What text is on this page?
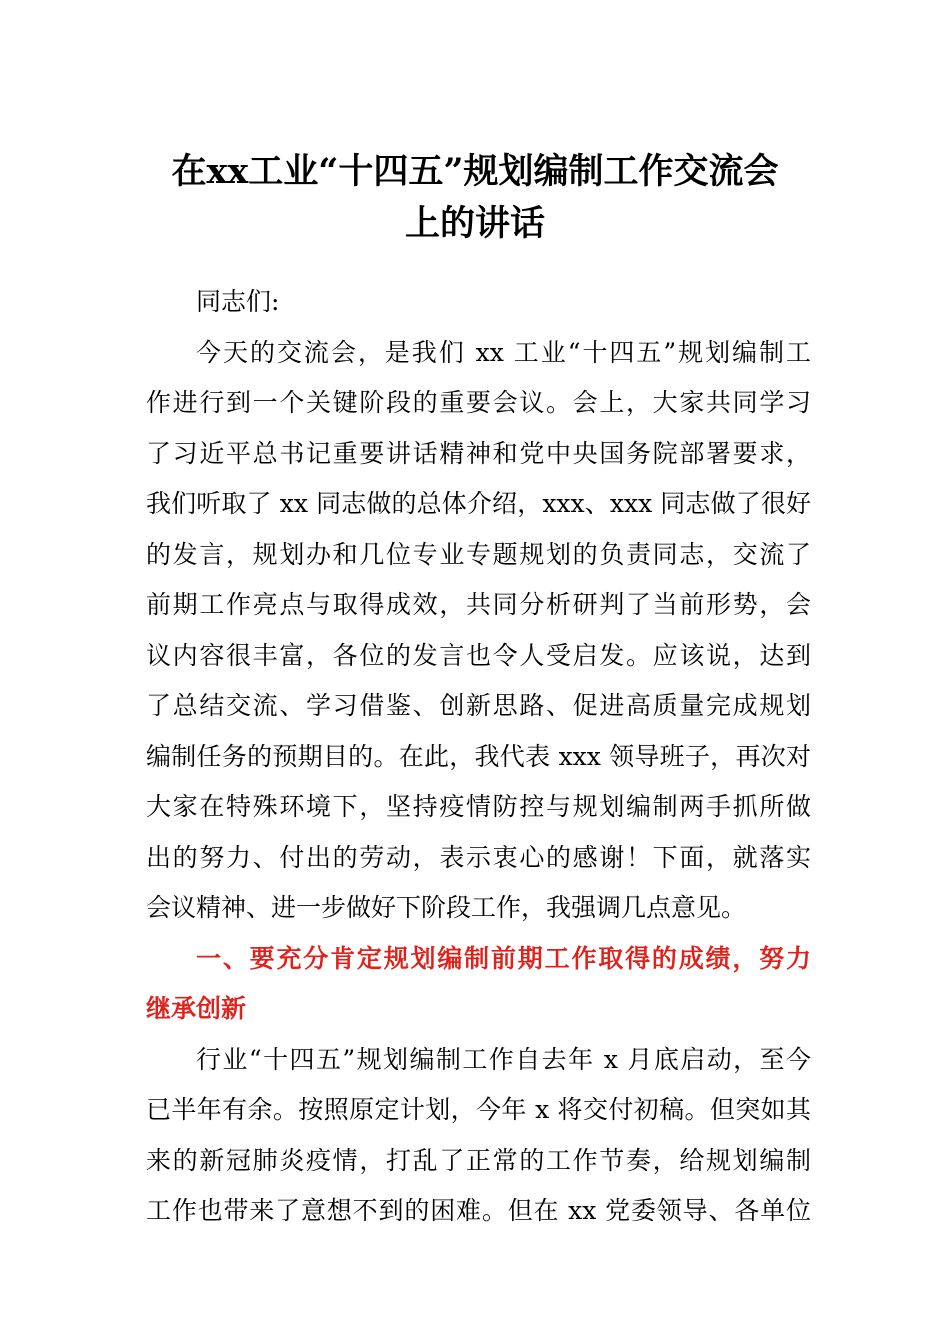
在xx工业“十四五”规划编制工作交流会
上的讲话
同志们:
今天的交流会，是我们 xx 工业“十四五”规划编制工
作进行到一个关键阶段的重要会议。会上，大家共同学习
了习近平总书记重要讲话精神和党中央国务院部署要求，
我们听取了 xx 同志做的总体介绍，xxx、xxx 同志做了很好
的发言，规划办和几位专业专题规划的负责同志，交流了
前期工作亮点与取得成效，共同分析研判了当前形势，会
议内容很丰富，各位的发言也令人受启发。应该说，达到
了总结交流、学习借鉴、创新思路、促进高质量完成规划
编制任务的预期目的。在此，我代表 xxx 领导班子，再次对
大家在特殊环境下，坚持疫情防控与规划编制两手抓所做
出的努力、付出的劳动，表示衷心的感谢！下面，就落实
会议精神、进一步做好下阶段工作，我强调几点意见。
一、要充分肯定规划编制前期工作取得的成绩，努力
继承创新
行业“十四五”规划编制工作自去年 x 月底启动，至今
已半年有余。按照原定计划，今年 x 将交付初稿。但突如其
来的新冠肺炎疫情，打乱了正常的工作节奏，给规划编制
工作也带来了意想不到的困难。但在 xx 党委领导、各单位
